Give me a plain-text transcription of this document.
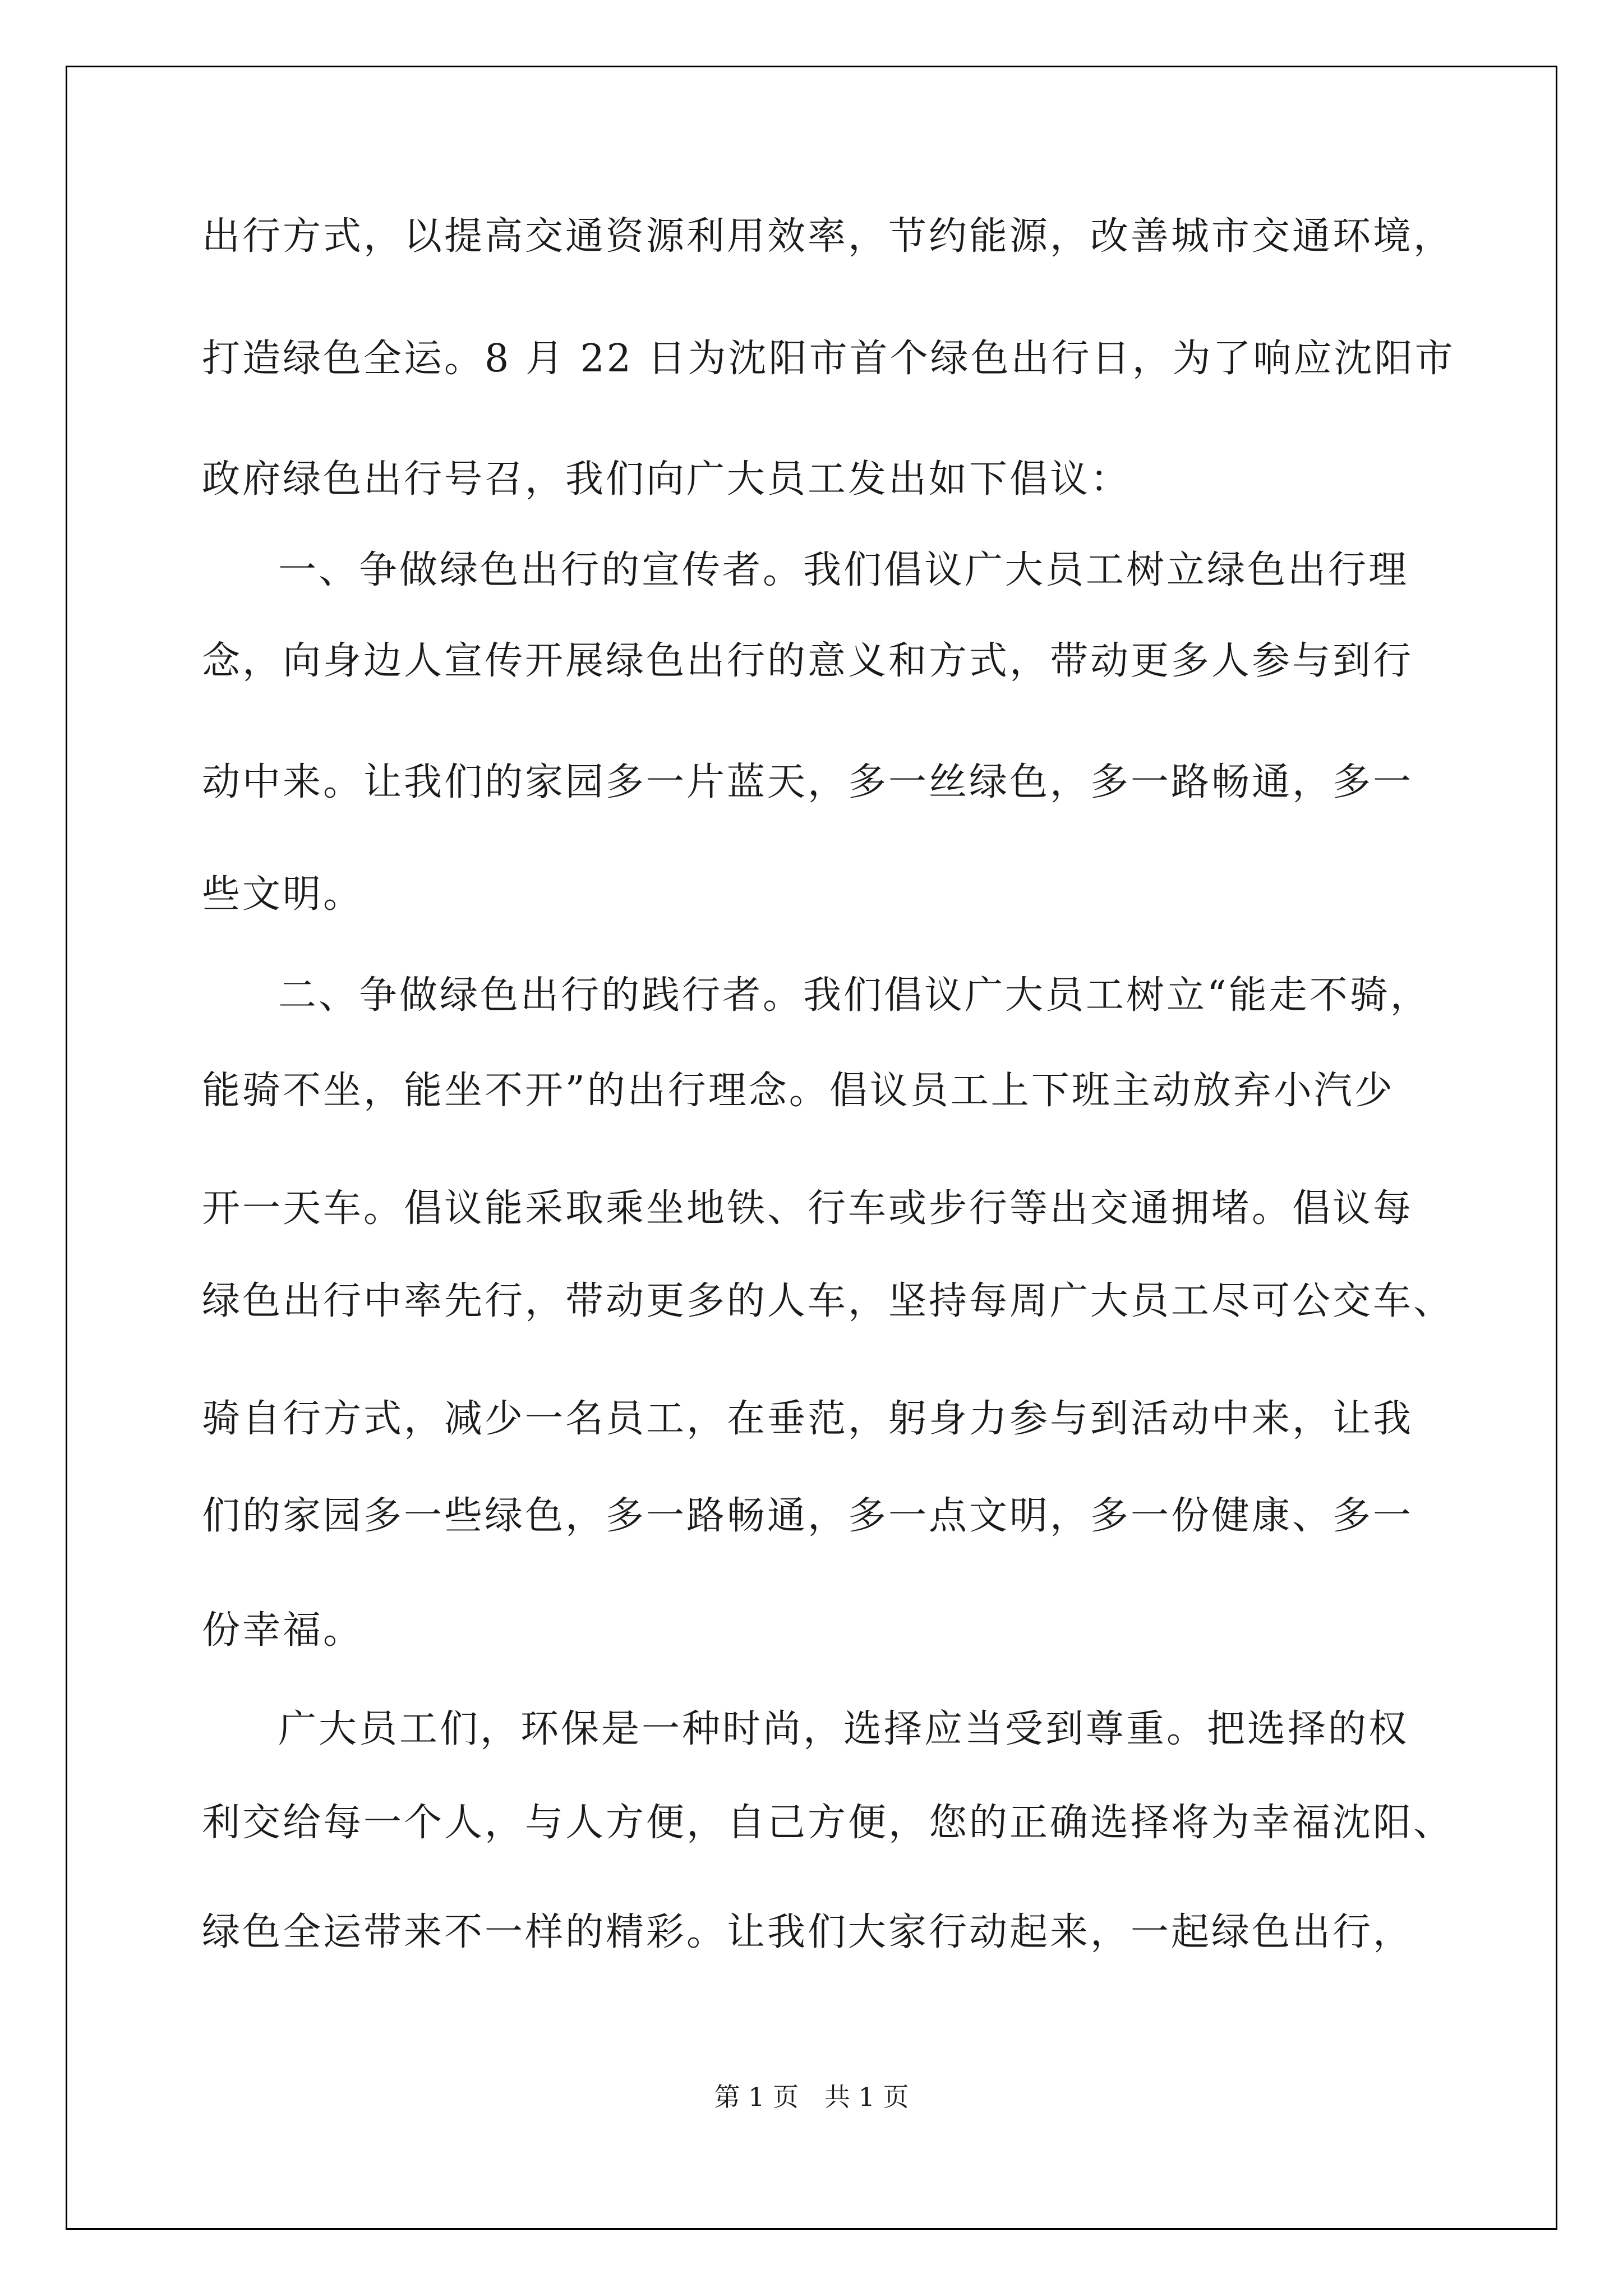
出行方式，以提高交通资源利用效率，节约能源，改善城市交通环境，
打造绿色全运。8 月 22 日为沈阳市首个绿色出行日，为了响应沈阳市
政府绿色出行号召，我们向广大员工发出如下倡议：
一、争做绿色出行的宣传者。我们倡议广大员工树立绿色出行理
念，向身边人宣传开展绿色出行的意义和方式，带动更多人参与到行
动中来。让我们的家园多一片蓝天，多一丝绿色，多一路畅通，多一
些文明。
二、争做绿色出行的践行者。我们倡议广大员工树立“能走不骑，
能骑不坐，能坐不开”的出行理念。倡议员工上下班主动放弃小汽少
开一天车。倡议能采取乘坐地铁、行车或步行等出交通拥堵。倡议每
绿色出行中率先行，带动更多的人车，坚持每周广大员工尽可公交车、
骑自行方式，减少一名员工，在垂范，躬身力参与到活动中来，让我
们的家园多一些绿色，多一路畅通，多一点文明，多一份健康、多一
份幸福。
广大员工们，环保是一种时尚，选择应当受到尊重。把选择的权
利交给每一个人，与人方便，自己方便，您的正确选择将为幸福沈阳、
绿色全运带来不一样的精彩。让我们大家行动起来，一起绿色出行，
第 1 页　共 1 页
